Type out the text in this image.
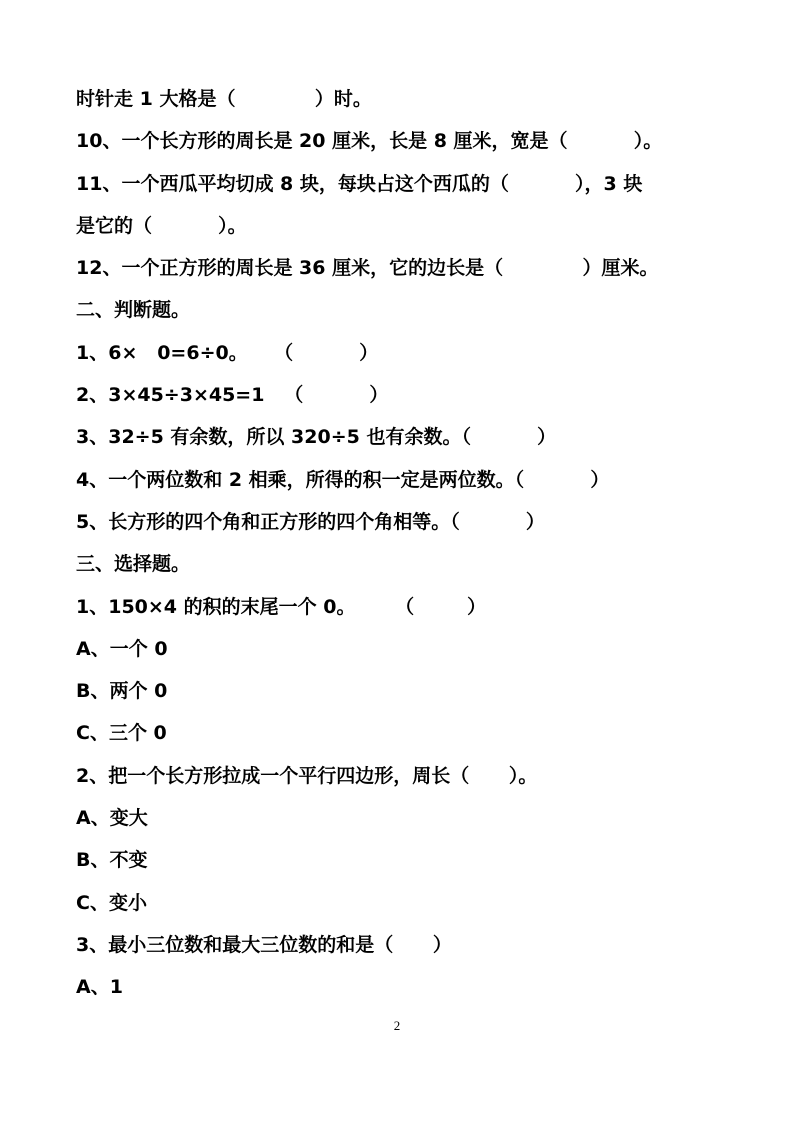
时针走 1 大格是（            ）时。
10、一个长方形的周长是 20 厘米，长是 8 厘米，宽是（          ）。
11、一个西瓜平均切成 8 块，每块占这个西瓜的（          ），3 块
是它的（          ）。
12、一个正方形的周长是 36 厘米，它的边长是（            ）厘米。
二、判断题。
1、6×   0=6÷0。    （          ）
2、3×45÷3×45=1   （          ）
3、32÷5 有余数，所以 320÷5 也有余数。（          ）
4、一个两位数和 2 相乘，所得的积一定是两位数。（          ）
5、长方形的四个角和正方形的四个角相等。（          ）
三、选择题。
1、150×4 的积的末尾一个 0。      （        ）
A、一个 0
B、两个 0
C、三个 0
2、把一个长方形拉成一个平行四边形，周长（      ）。
A、变大
B、不变
C、变小
3、最小三位数和最大三位数的和是（      ）
A、1
2
